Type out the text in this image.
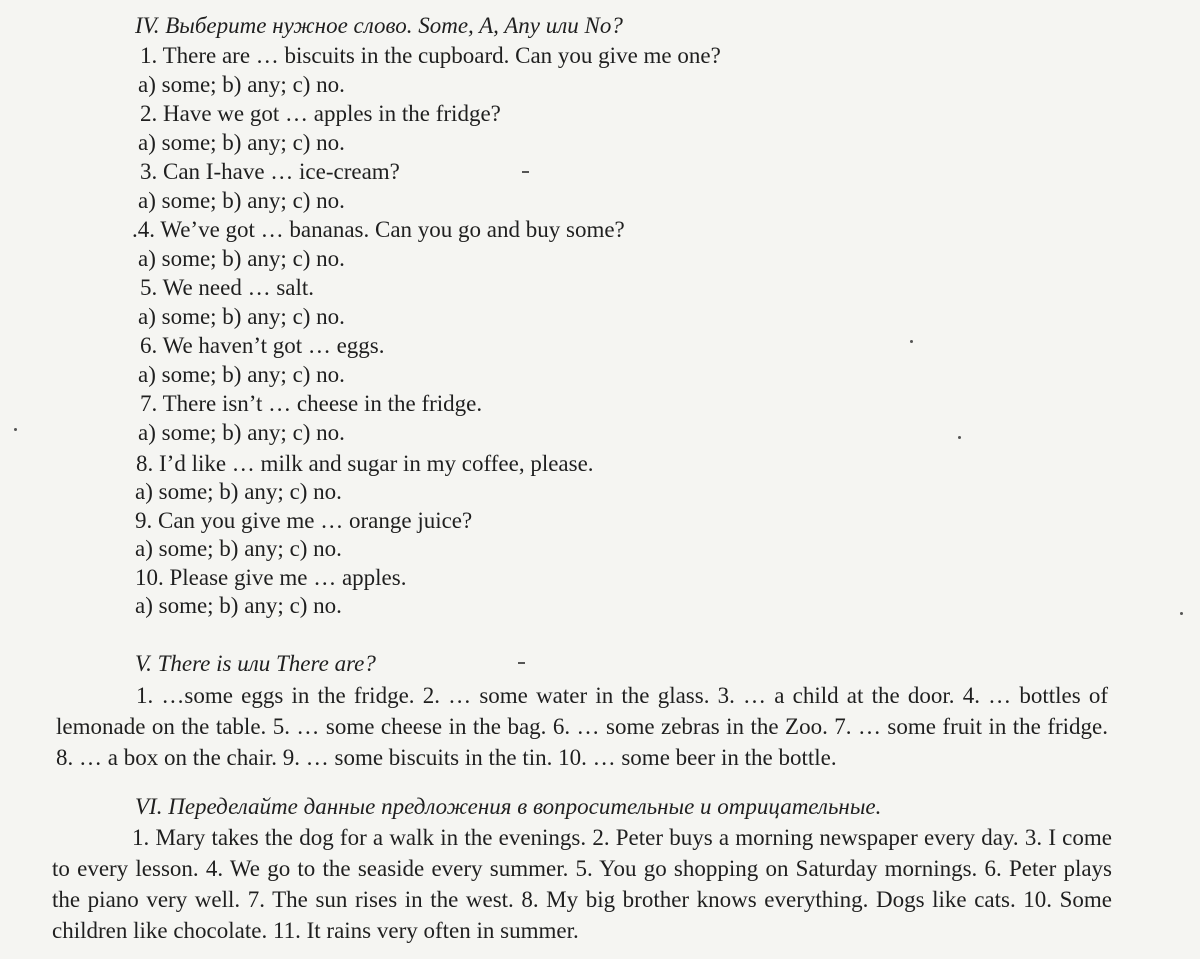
IV. Выберите нужное слово. Some, A, Any или No?
1. There are … biscuits in the cupboard. Can you give me one?
a) some; b) any; c) no.
2. Have we got … apples in the fridge?
a) some; b) any; c) no.
3. Can I-have … ice-cream?
a) some; b) any; c) no.
.4. We’ve got … bananas. Can you go and buy some?
a) some; b) any; c) no.
5. We need … salt.
a) some; b) any; c) no.
6. We haven’t got … eggs.
a) some; b) any; c) no.
7. There isn’t … cheese in the fridge.
a) some; b) any; c) no.
8. I’d like … milk and sugar in my coffee, please.
a) some; b) any; c) no.
9. Can you give me … orange juice?
a) some; b) any; c) no.
10. Please give me … apples.
a) some; b) any; c) no.
V. There is или There are?
1. …some eggs in the fridge. 2. … some water in the glass. 3. … a child at the door. 4. … bottles of lemonade on the table. 5. … some cheese in the bag. 6. … some zebras in the Zoo. 7. … some fruit in the fridge. 8. … a box on the chair. 9. … some biscuits in the tin. 10. … some beer in the bottle.
VI. Переделайте данные предложения в вопросительные и отрицательные.
1. Mary takes the dog for a walk in the evenings. 2. Peter buys a morning newspaper every day. 3. I come to every lesson. 4. We go to the seaside every summer. 5. You go shopping on Saturday mornings. 6. Peter plays the piano very well. 7. The sun rises in the west. 8. My big brother knows everything. Dogs like cats. 10. Some children like chocolate. 11. It rains very often in summer.
